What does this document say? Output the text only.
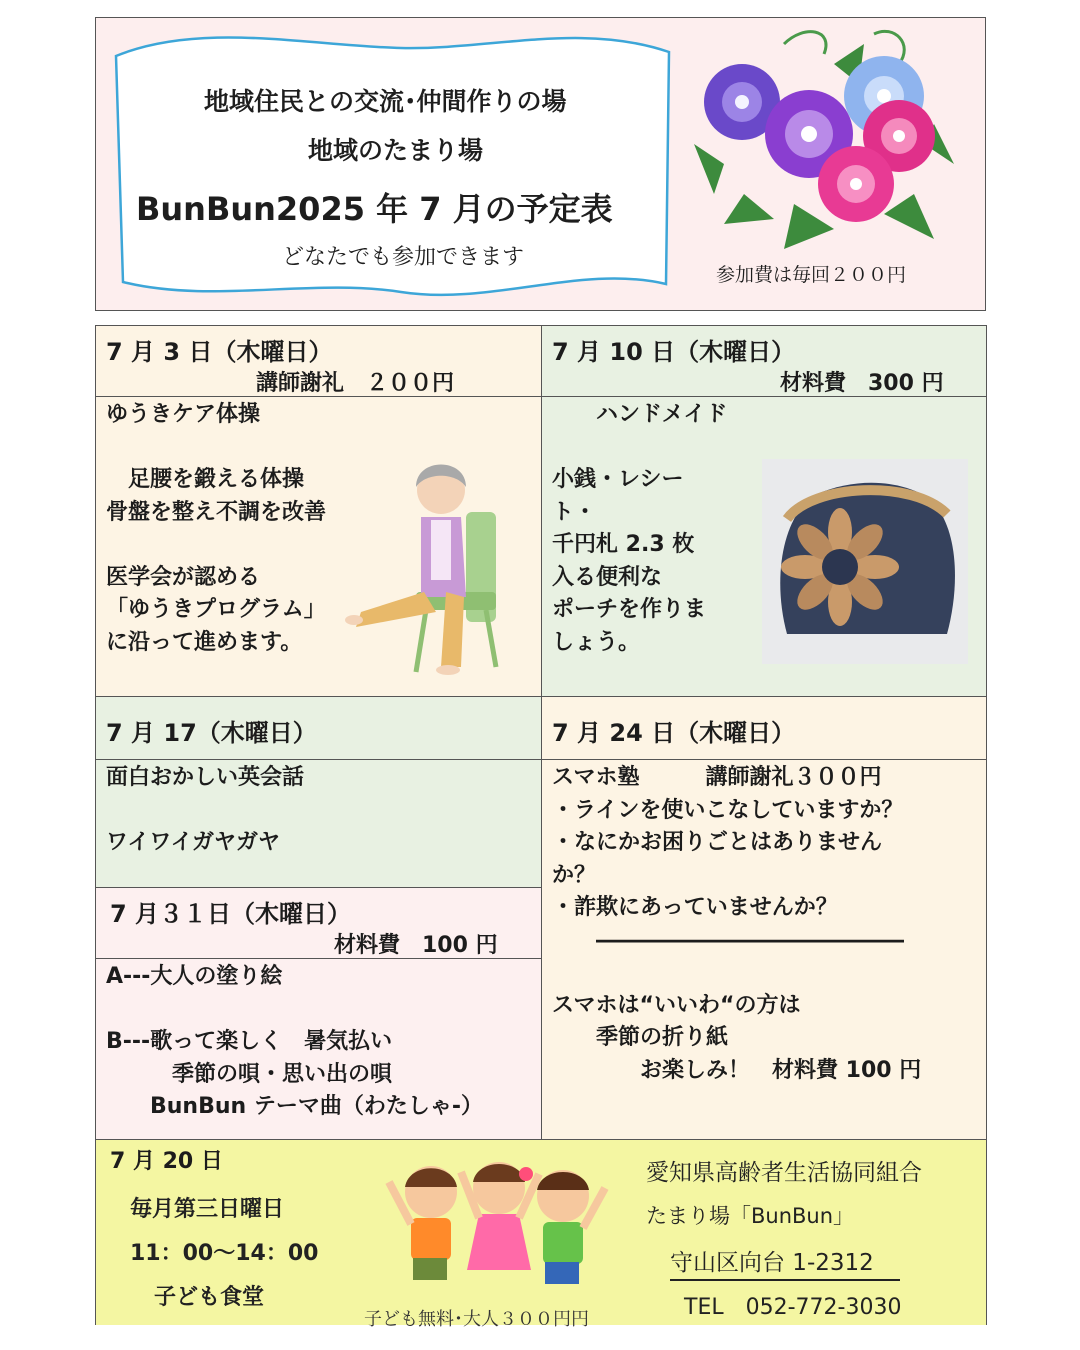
地域住民との交流･仲間作りの場
地域のたまり場
BunBun2025 年 7 月の予定表
どなたでも参加できます
参加費は毎回２００円
7 月 3 日（木曜日）
講師謝礼　２００円
ゆうきケア体操
　足腰を鍛える体操
骨盤を整え不調を改善
医学会が認める
「ゆうきプログラム」
に沿って進めます。
7 月 10 日（木曜日）
材料費　300 円
　　ハンドメイド
小銭・レシー
ト・
千円札 2.3 枚
入る便利な
ポーチを作りま
しょう。
7 月 17（木曜日）
面白おかしい英会話
ワイワイガヤガヤ
7 月 24 日（木曜日）
スマホ塾　　　講師謝礼３００円
・ラインを使いこなしていますか？
・なにかお困りごとはありません
か？
・詐欺にあっていませんか？
　　――――――――――――――
スマホは“いいわ“の方は
　　季節の折り紙
　　　　お楽しみ！　材料費 100 円
7 月３１日（木曜日）
材料費　100 円
A---大人の塗り絵
B---歌って楽しく　暑気払い
　　　季節の唄・思い出の唄
　　BunBun テーマ曲（わたしゃ-）
7 月 20 日
毎月第三日曜日
11：00～14：00
子ども食堂
子ども無料･大人３００円円
愛知県高齢者生活協同組合
たまり場「BunBun」
守山区向台 1-2312
TEL　052-772-3030
